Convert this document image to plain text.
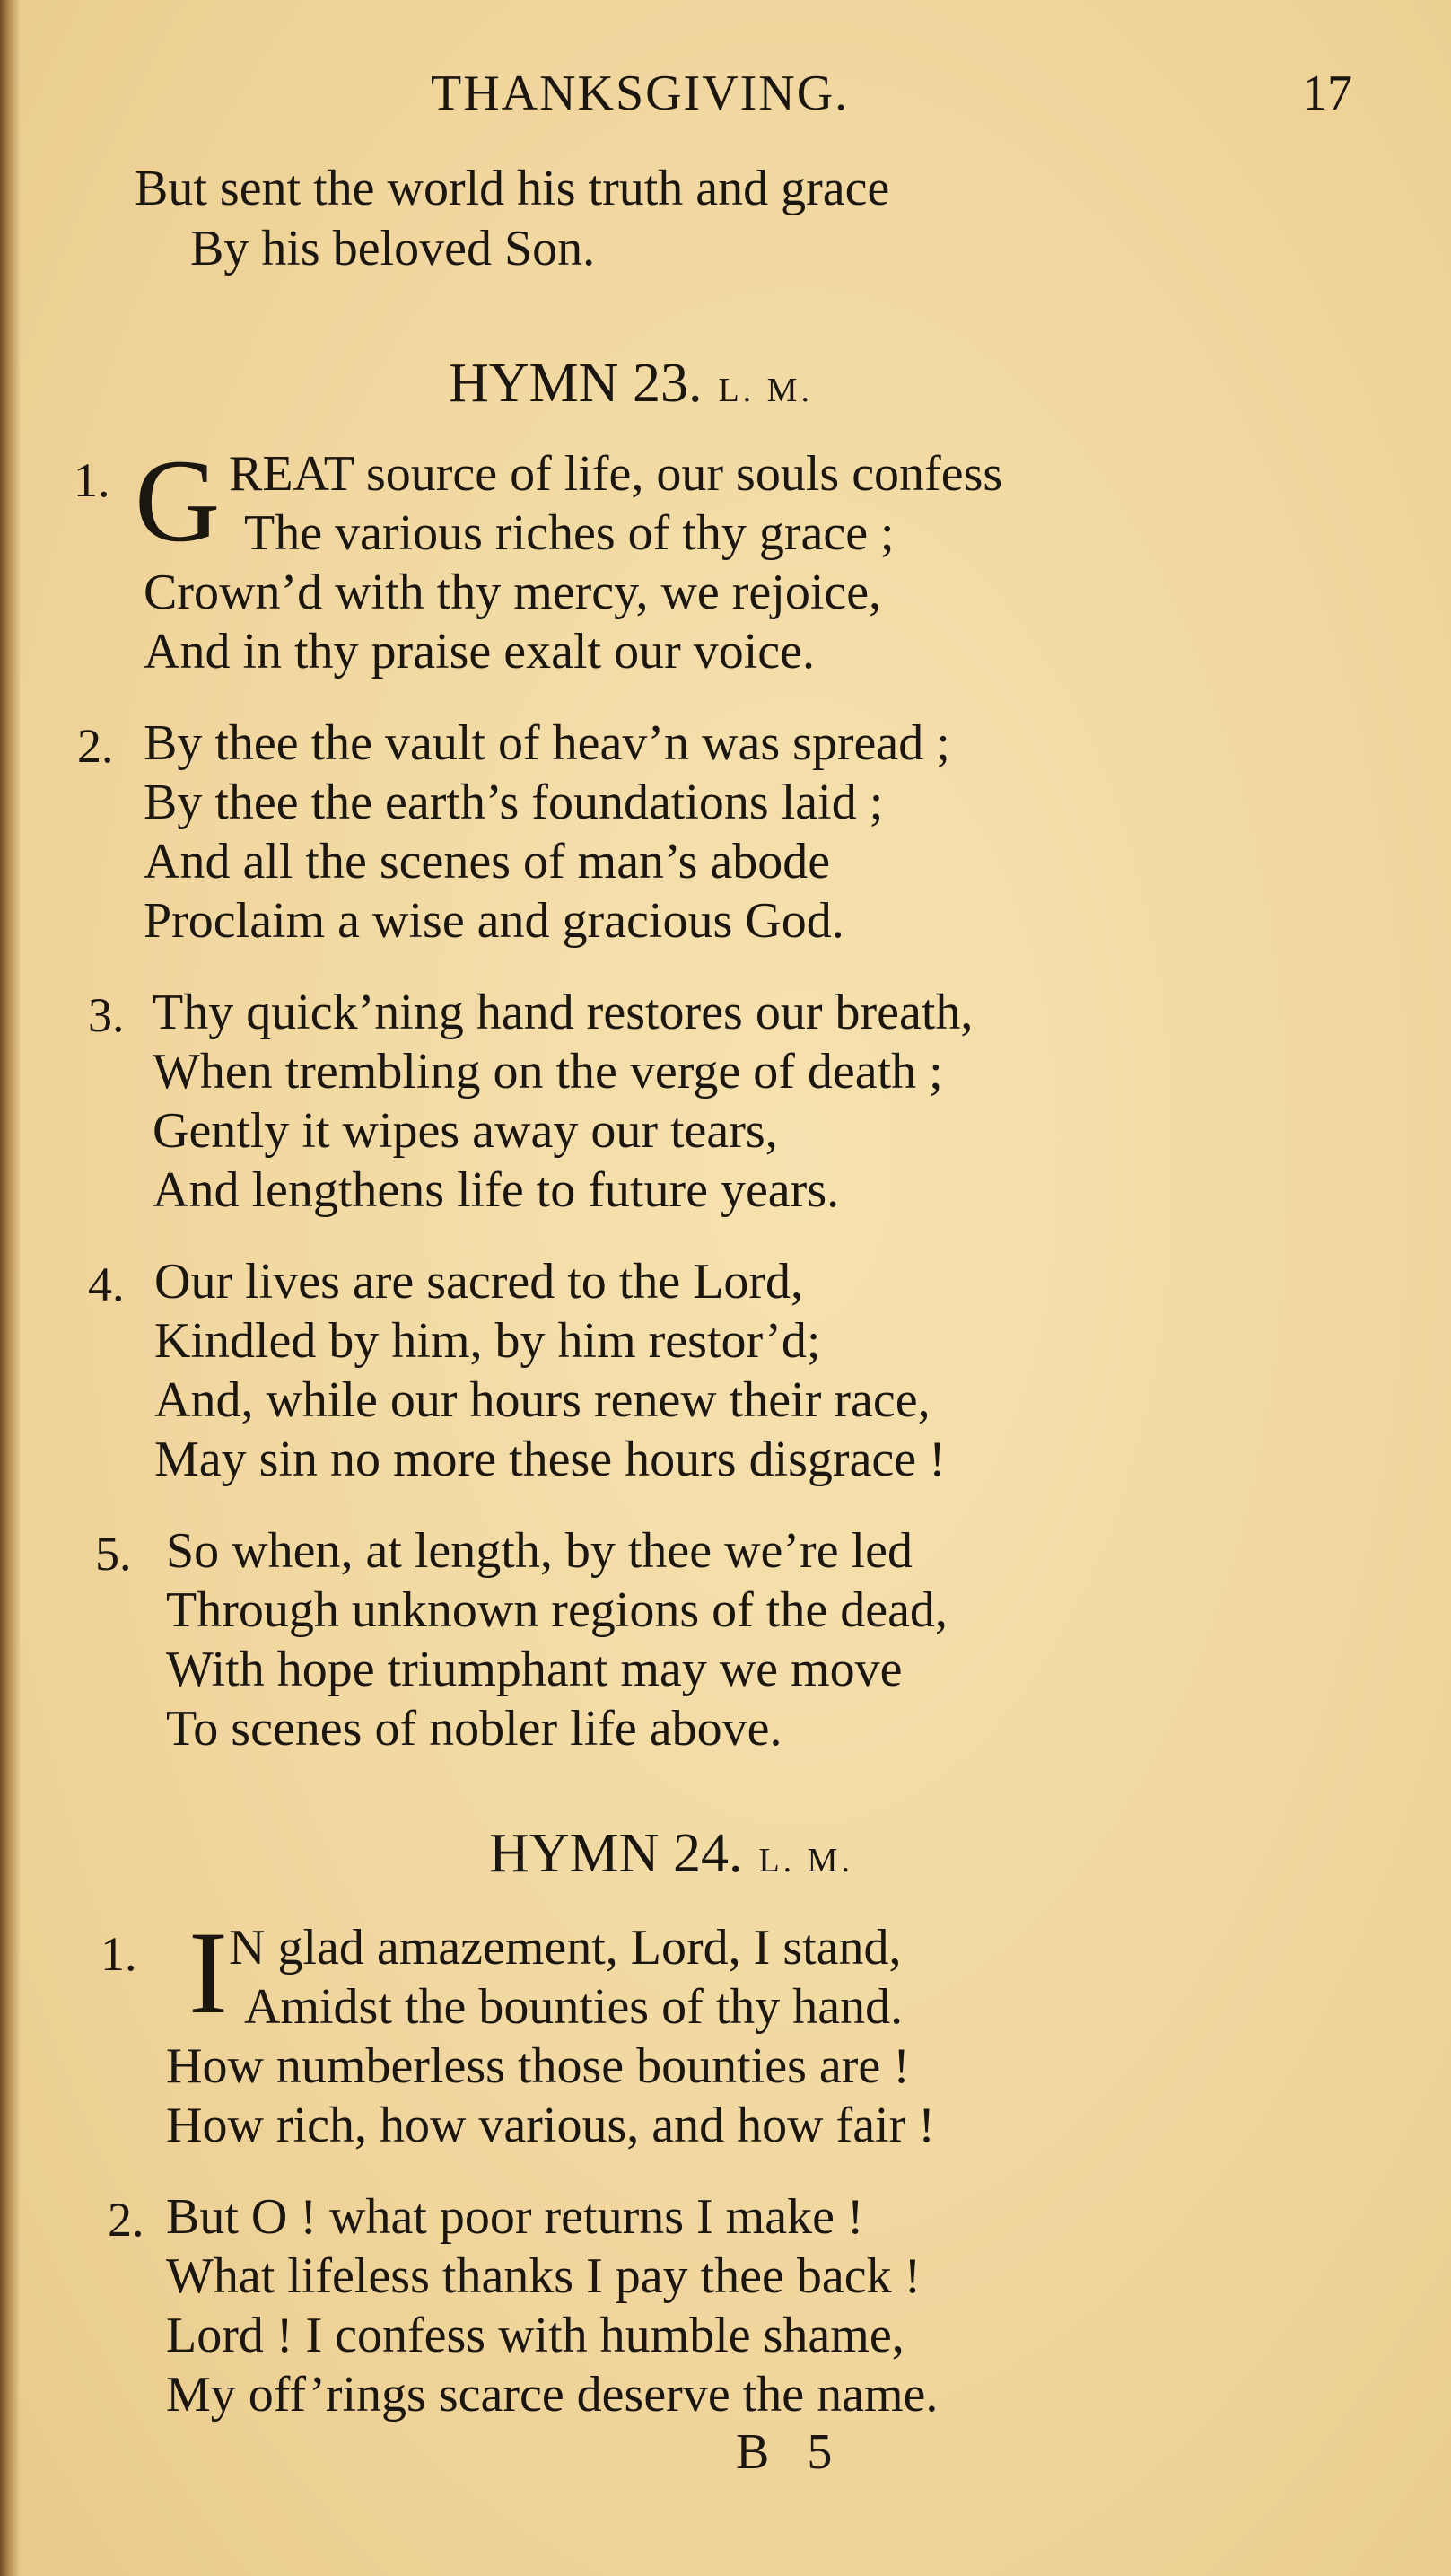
THANKSGIVING.	17
But sent the world his truth and grace
By his beloved Son.
HYMN 23. L. M.
1. G REAT source of life, our souls confess
The various riches of thy grace ;
Crown’d with thy mercy, we rejoice,
And in thy praise exalt our voice.
2. By thee the vault of heav’n was spread ;
By thee the earth’s foundations laid ;
And all the scenes of man’s abode
Proclaim a wise and gracious God.
3. Thy quick’ning hand restores our breath,
When trembling on the verge of death ;
Gently it wipes away our tears,
And lengthens life to future years.
4. Our lives are sacred to the Lord,
Kindled by him, by him restor’d;
And, while our hours renew their race,
May sin no more these hours disgrace !
5. So when, at length, by thee we’re led
Through unknown regions of the dead,
With hope triumphant may we move
To scenes of nobler life above.
HYMN 24. L. M.
1. I N glad amazement, Lord, I stand,
Amidst the bounties of thy hand.
How numberless those bounties are !
How rich, how various, and how fair !
2. But O ! what poor returns I make !
What lifeless thanks I pay thee back !
Lord ! I confess with humble shame,
My off’rings scarce deserve the name.
B 5
